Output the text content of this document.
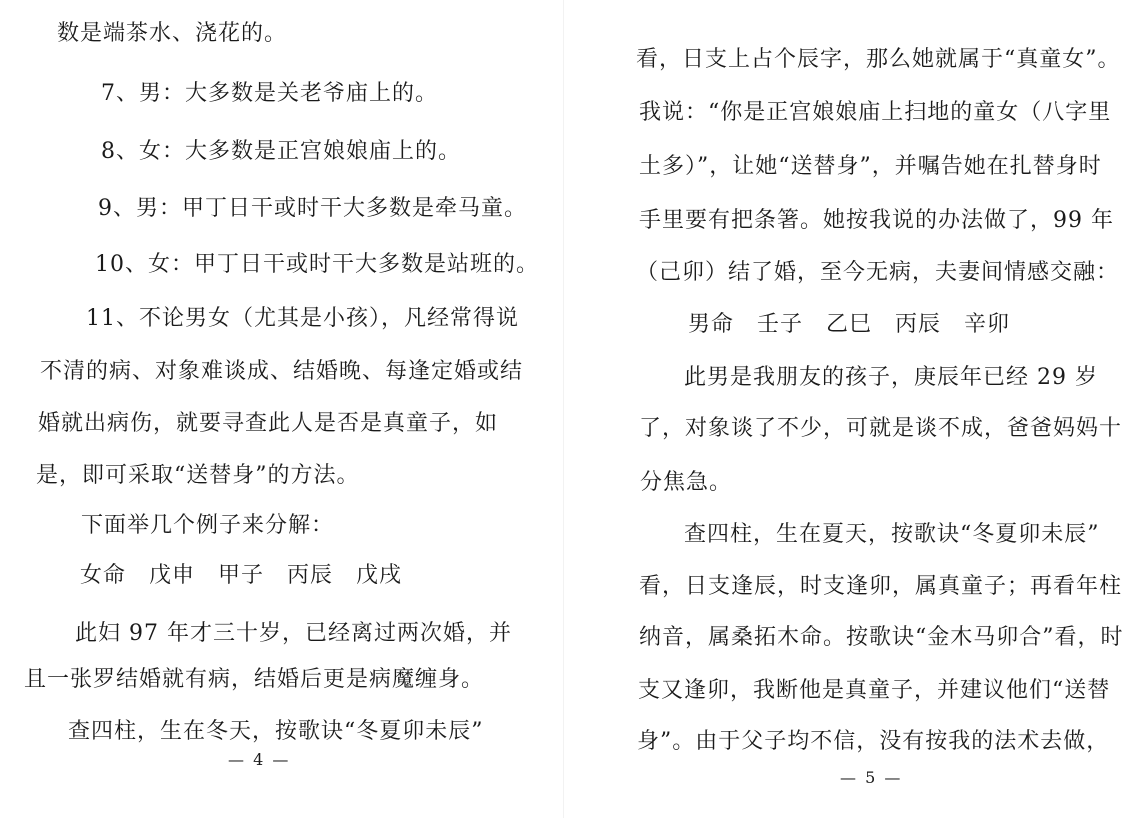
数是端茶水、浇花的。
7、男：大多数是关老爷庙上的。
8、女：大多数是正宫娘娘庙上的。
9、男：甲丁日干或时干大多数是牵马童。
10、女：甲丁日干或时干大多数是站班的。
11、不论男女（尤其是小孩），凡经常得说
不清的病、对象难谈成、结婚晚、每逢定婚或结
婚就出病伤，就要寻查此人是否是真童子，如
是，即可采取“送替身”的方法。
下面举几个例子来分解：
女命　戊申　甲子　丙辰　戊戌
此妇 97 年才三十岁，已经离过两次婚，并
且一张罗结婚就有病，结婚后更是病魔缠身。
查四柱，生在冬天，按歌诀“冬夏卯未辰”
— 4 —
看，日支上占个辰字，那么她就属于“真童女”。
我说：“你是正宫娘娘庙上扫地的童女（八字里
土多）”，让她“送替身”，并嘱告她在扎替身时
手里要有把条箸。她按我说的办法做了，99 年
（己卯）结了婚，至今无病，夫妻间情感交融：
男命　壬子　乙巳　丙辰　辛卯
此男是我朋友的孩子，庚辰年已经 29 岁
了，对象谈了不少，可就是谈不成，爸爸妈妈十
分焦急。
查四柱，生在夏天，按歌诀“冬夏卯未辰”
看，日支逢辰，时支逢卯，属真童子；再看年柱
纳音，属桑拓木命。按歌诀“金木马卯合”看，时
支又逢卯，我断他是真童子，并建议他们“送替
身”。由于父子均不信，没有按我的法术去做，
— 5 —
